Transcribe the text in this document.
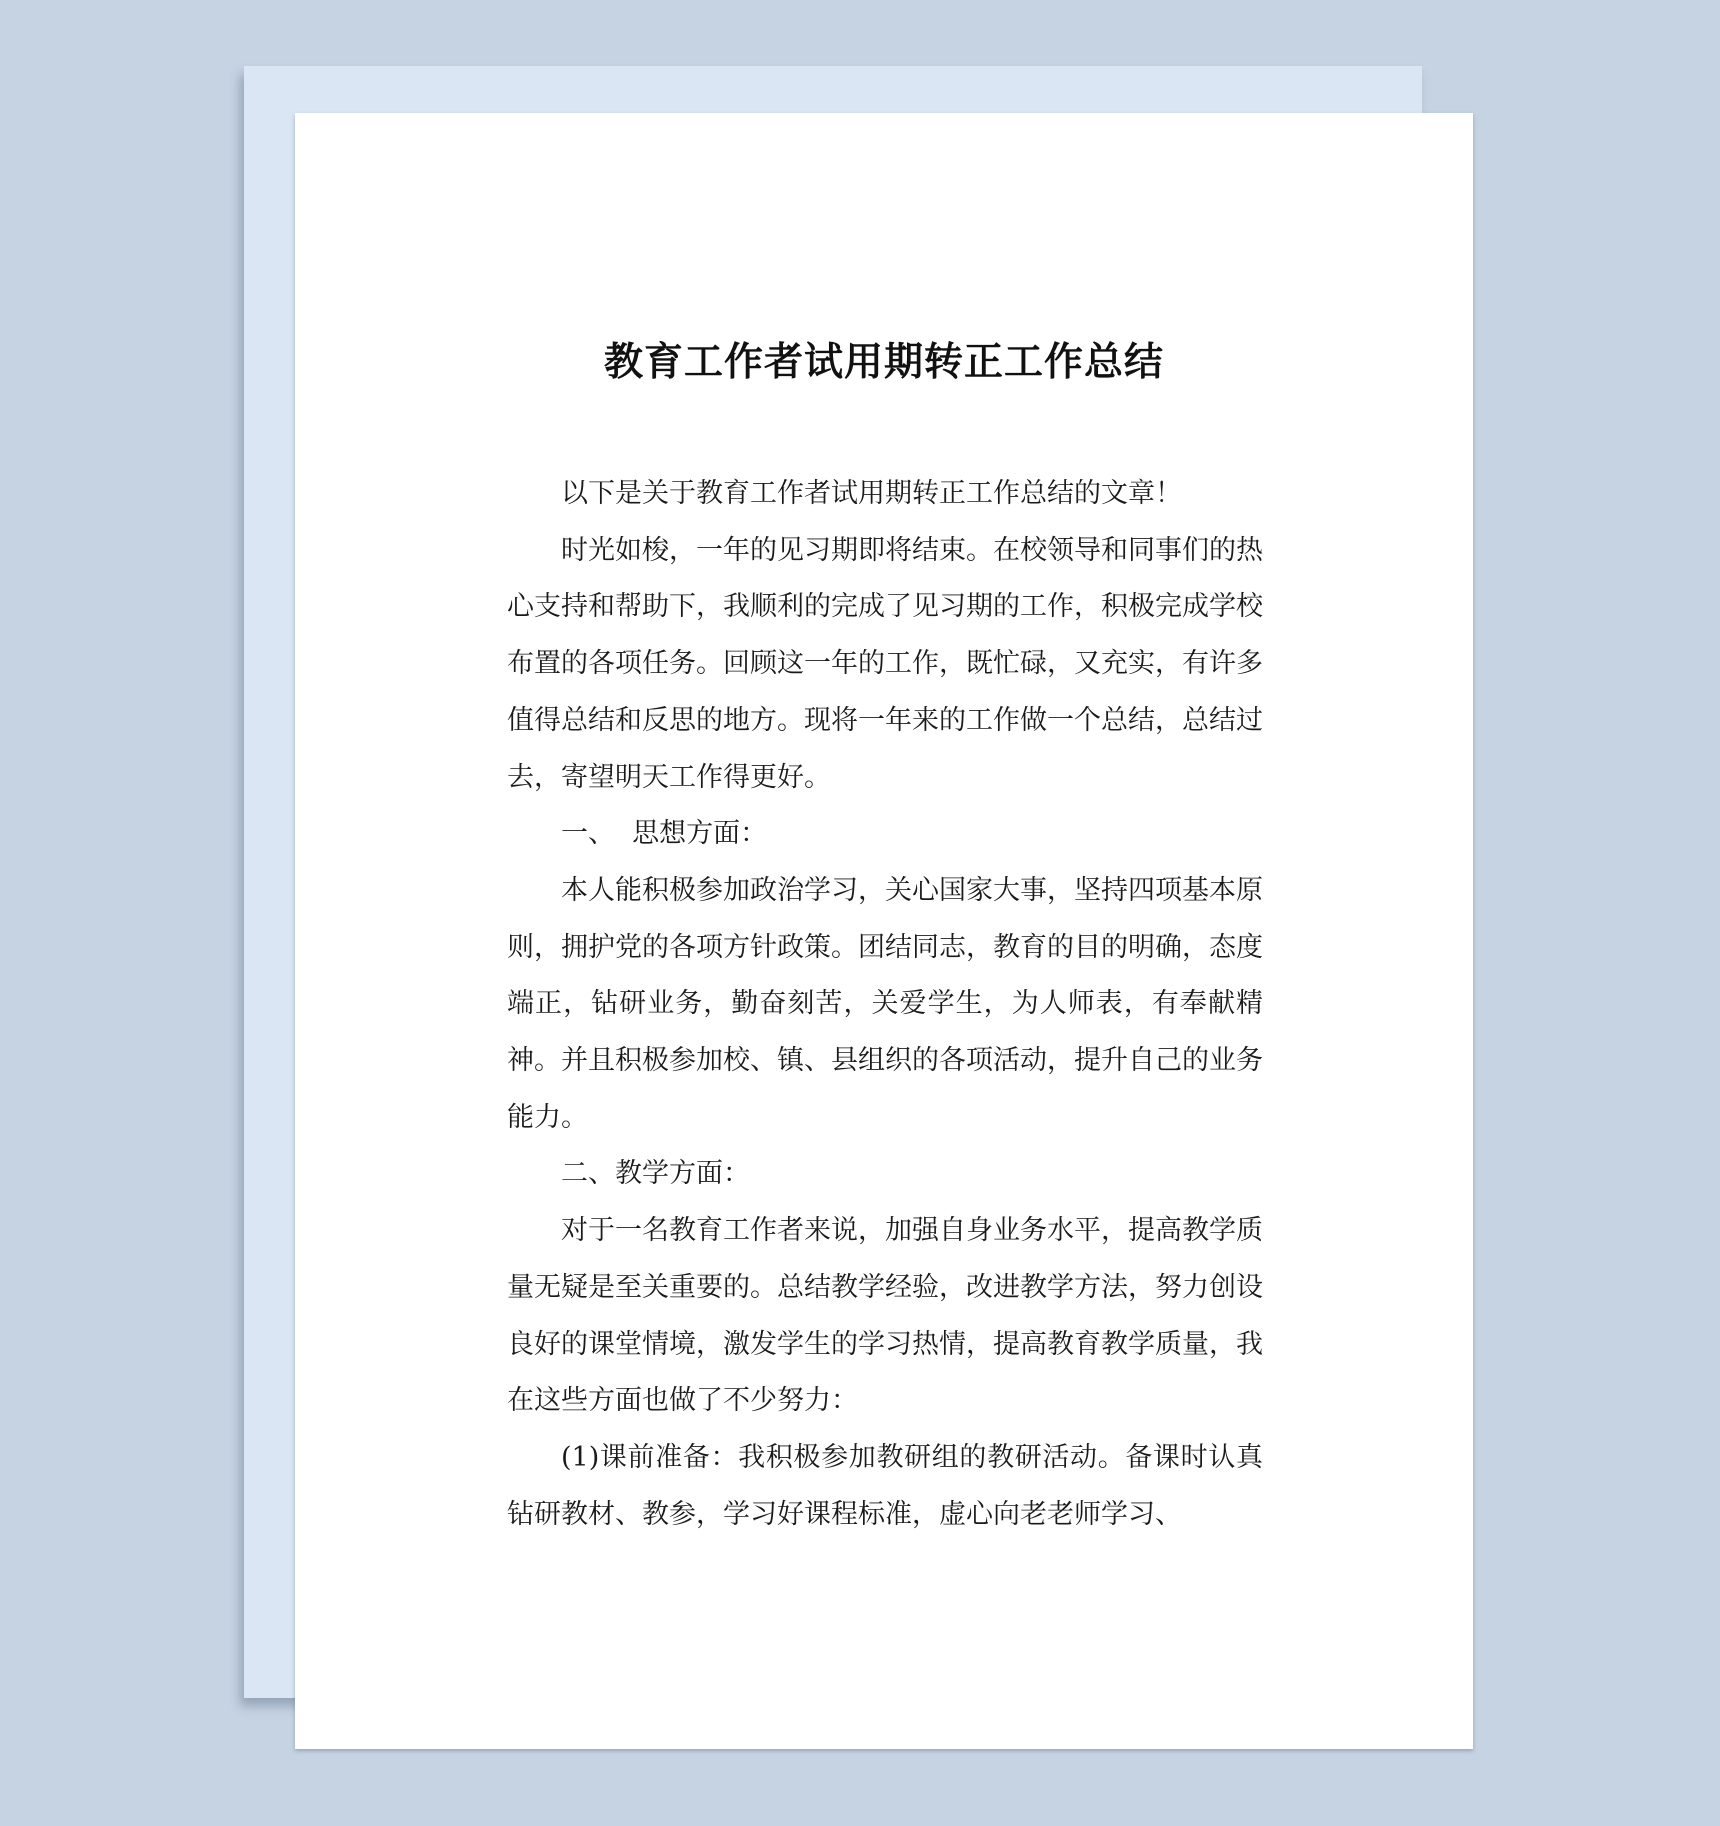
教育工作者试用期转正工作总结

以下是关于教育工作者试用期转正工作总结的文章！

时光如梭，一年的见习期即将结束。在校领导和同事们的热心支持和帮助下，我顺利的完成了见习期的工作，积极完成学校布置的各项任务。回顾这一年的工作，既忙碌，又充实，有许多值得总结和反思的地方。现将一年来的工作做一个总结，总结过去，寄望明天工作得更好。

一、  思想方面：

本人能积极参加政治学习，关心国家大事，坚持四项基本原则，拥护党的各项方针政策。团结同志，教育的目的明确，态度端正，钻研业务，勤奋刻苦，关爱学生，为人师表，有奉献精神。并且积极参加校、镇、县组织的各项活动，提升自己的业务能力。

二、教学方面：

对于一名教育工作者来说，加强自身业务水平，提高教学质量无疑是至关重要的。总结教学经验，改进教学方法，努力创设良好的课堂情境，激发学生的学习热情，提高教育教学质量，我在这些方面也做了不少努力：

(1)课前准备：我积极参加教研组的教研活动。备课时认真钻研教材、教参，学习好课程标准，虚心向老老师学习、
